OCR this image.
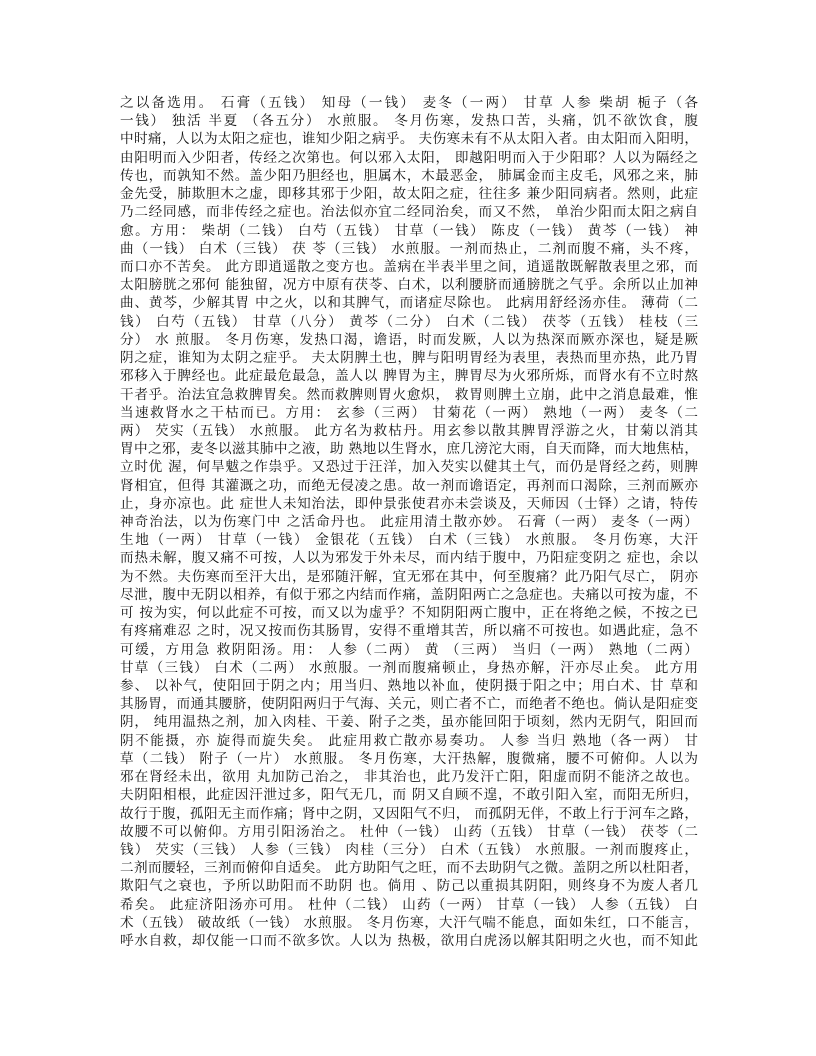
之以备选用。 石膏（五钱） 知母（一钱） 麦冬（一两） 甘草 人参 柴胡 栀子（各
一钱） 独活 半夏 （各五分） 水煎服。 冬月伤寒，发热口苦，头痛，饥不欲饮食，腹
中时痛，人以为太阳之症也，谁知少阳之病乎。 夫伤寒未有不从太阳入者。由太阳而入阳明，
由阳明而入少阳者，传经之次第也。何以邪入太阳， 即越阳明而入于少阳耶？人以为隔经之
传也，而孰知不然。盖少阳乃胆经也，胆属木，木最恶金， 肺属金而主皮毛，风邪之来，肺
金先受，肺欺胆木之虚，即移其邪于少阳，故太阳之症，往往多 兼少阳同病者。然则，此症
乃二经同感，而非传经之症也。治法似亦宜二经同治矣，而又不然， 单治少阳而太阳之病自
愈。方用： 柴胡（二钱） 白芍（五钱） 甘草（一钱） 陈皮（一钱） 黄芩（一钱） 神
曲（一钱） 白术（三钱） 茯 苓（三钱） 水煎服。一剂而热止，二剂而腹不痛，头不疼，
而口亦不苦矣。 此方即逍遥散之变方也。盖病在半表半里之间，逍遥散既解散表里之邪，而
太阳膀胱之邪何 能独留，况方中原有茯苓、白术，以利腰脐而通膀胱之气乎。余所以止加神
曲、黄芩，少解其胃 中之火，以和其脾气，而诸症尽除也。 此病用舒经汤亦佳。 薄荷（二
钱） 白芍（五钱） 甘草（八分） 黄芩（二分） 白术（二钱） 茯苓（五钱） 桂枝（三
分） 水 煎服。 冬月伤寒，发热口渴，谵语，时而发厥，人以为热深而厥亦深也，疑是厥
阴之症，谁知为太阴之症乎。 夫太阴脾土也，脾与阳明胃经为表里，表热而里亦热，此乃胃
邪移入于脾经也。此症最危最急，盖人以 脾胃为主，脾胃尽为火邪所烁，而肾水有不立时熬
干者乎。治法宜急救脾胃矣。然而救脾则胃火愈炽， 救胃则脾土立崩，此中之消息最难，惟
当速救肾水之干枯而已。方用： 玄参（三两） 甘菊花（一两） 熟地（一两） 麦冬（二
两） 芡实（五钱） 水煎服。 此方名为救枯丹。用玄参以散其脾胃浮游之火，甘菊以消其
胃中之邪，麦冬以滋其肺中之液，助 熟地以生肾水，庶几滂沱大雨，自天而降，而大地焦枯，
立时优 渥，何旱魃之作祟乎。又恐过于汪洋，加入芡实以健其土气，而仍是肾经之药，则脾
肾相宜，但得 其灌溉之功，而绝无侵凌之患。故一剂而谵语定，再剂而口渴除，三剂而厥亦
止，身亦凉也。此 症世人未知治法，即仲景张使君亦未尝谈及，天师因（士铎）之请，特传
神奇治法，以为伤寒门中 之活命丹也。 此症用清土散亦妙。 石膏（一两） 麦冬（一两）
生地（一两） 甘草（一钱） 金银花（五钱） 白术（三钱） 水煎服。 冬月伤寒，大汗
而热未解，腹又痛不可按，人以为邪发于外未尽，而内结于腹中，乃阳症变阴之 症也，余以
为不然。夫伤寒而至汗大出，是邪随汗解，宜无邪在其中，何至腹痛？此乃阳气尽亡， 阴亦
尽泄，腹中无阴以相养，有似于邪之内结而作痛，盖阴阳两亡之急症也。夫痛以可按为虚，不
可 按为实，何以此症不可按，而又以为虚乎？不知阴阳两亡腹中，正在将绝之候，不按之已
有疼痛难忍 之时，况又按而伤其肠胃，安得不重增其苦，所以痛不可按也。如遇此症，急不
可缓，方用急 救阴阳汤。用： 人参（二两） 黄 （三两） 当归（一两） 熟地（二两）
甘草（三钱） 白术（二两） 水煎服。一剂而腹痛顿止，身热亦解，汗亦尽止矣。 此方用
参、 以补气，使阳回于阴之内；用当归、熟地以补血，使阴摄于阳之中；用白术、甘 草和
其肠胃，而通其腰脐，使阴阳两归于气海、关元，则亡者不亡，而绝者不绝也。倘认是阳症变
阴， 纯用温热之剂，加入肉桂、干姜、附子之类，虽亦能回阳于顷刻，然内无阴气，阳回而
阴不能摄，亦 旋得而旋失矣。 此症用救亡散亦易奏功。 人参 当归 熟地（各一两） 甘
草（二钱） 附子（一片） 水煎服。 冬月伤寒，大汗热解，腹微痛，腰不可俯仰。人以为
邪在肾经未出，欲用 丸加防己治之， 非其治也，此乃发汗亡阳，阳虚而阴不能济之故也。
夫阴阳相根，此症因汗泄过多，阳气无几，而 阴又自顾不遑，不敢引阳入室，而阳无所归，
故行于腹，孤阳无主而作痛；肾中之阴，又因阳气不归， 而孤阴无伴，不敢上行于河车之路，
故腰不可以俯仰。方用引阳汤治之。 杜仲（一钱） 山药（五钱） 甘草（一钱） 茯苓（二
钱） 芡实（三钱） 人参（三钱） 肉桂（三分） 白术（五钱） 水煎服。一剂而腹疼止，
二剂而腰轻，三剂而俯仰自适矣。 此方助阳气之旺，而不去助阴气之微。盖阴之所以杜阳者，
欺阳气之衰也，予所以助阳而不助阴 也。倘用 、防己以重损其阴阳，则终身不为废人者几
希矣。 此症济阳汤亦可用。 杜仲（二钱） 山药（一两） 甘草（一钱） 人参（五钱） 白
术（五钱） 破故纸（一钱） 水煎服。 冬月伤寒，大汗气喘不能息，面如朱红，口不能言，
呼水自救，却仅能一口而不欲多饮。人以为 热极，欲用白虎汤以解其阳明之火也，而不知此
